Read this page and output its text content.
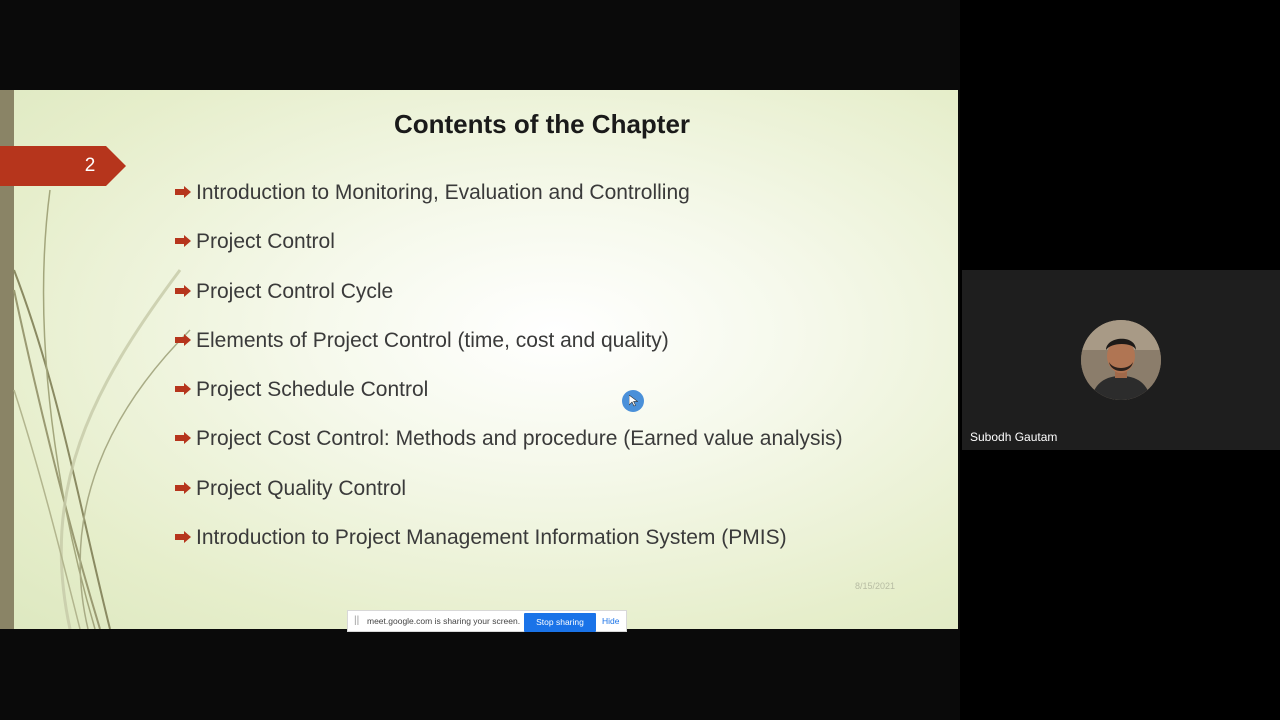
2
Contents of the Chapter
Introduction to Monitoring, Evaluation and Controlling
Project Control
Project Control Cycle
Elements of Project Control (time, cost and quality)
Project Schedule Control
Project Cost Control: Methods and procedure (Earned value analysis)
Project Quality Control
Introduction to Project Management Information System (PMIS)
8/15/2021
|| meet.google.com is sharing your screen.	Stop sharing	Hide
Subodh Gautam
